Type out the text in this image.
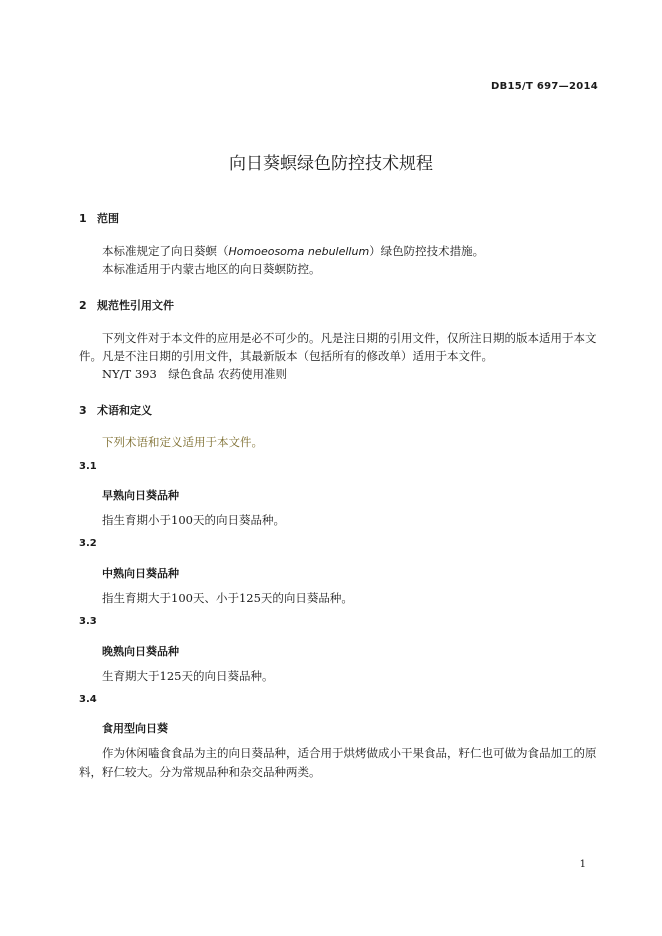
DB15/T 697—2014
向日葵螟绿色防控技术规程
1 范围
本标准规定了向日葵螟（Homoeosoma nebulellum）绿色防控技术措施。
本标准适用于内蒙古地区的向日葵螟防控。
2 规范性引用文件
下列文件对于本文件的应用是必不可少的。凡是注日期的引用文件，仅所注日期的版本适用于本文
件。凡是不注日期的引用文件，其最新版本（包括所有的修改单）适用于本文件。
NY/T 393　绿色食品 农药使用准则
3 术语和定义
下列术语和定义适用于本文件。
3.1
早熟向日葵品种
指生育期小于100天的向日葵品种。
3.2
中熟向日葵品种
指生育期大于100天、小于125天的向日葵品种。
3.3
晚熟向日葵品种
生育期大于125天的向日葵品种。
3.4
食用型向日葵
作为休闲嗑食食品为主的向日葵品种，适合用于烘烤做成小干果食品，籽仁也可做为食品加工的原
料，籽仁较大。分为常规品种和杂交品种两类。
1
